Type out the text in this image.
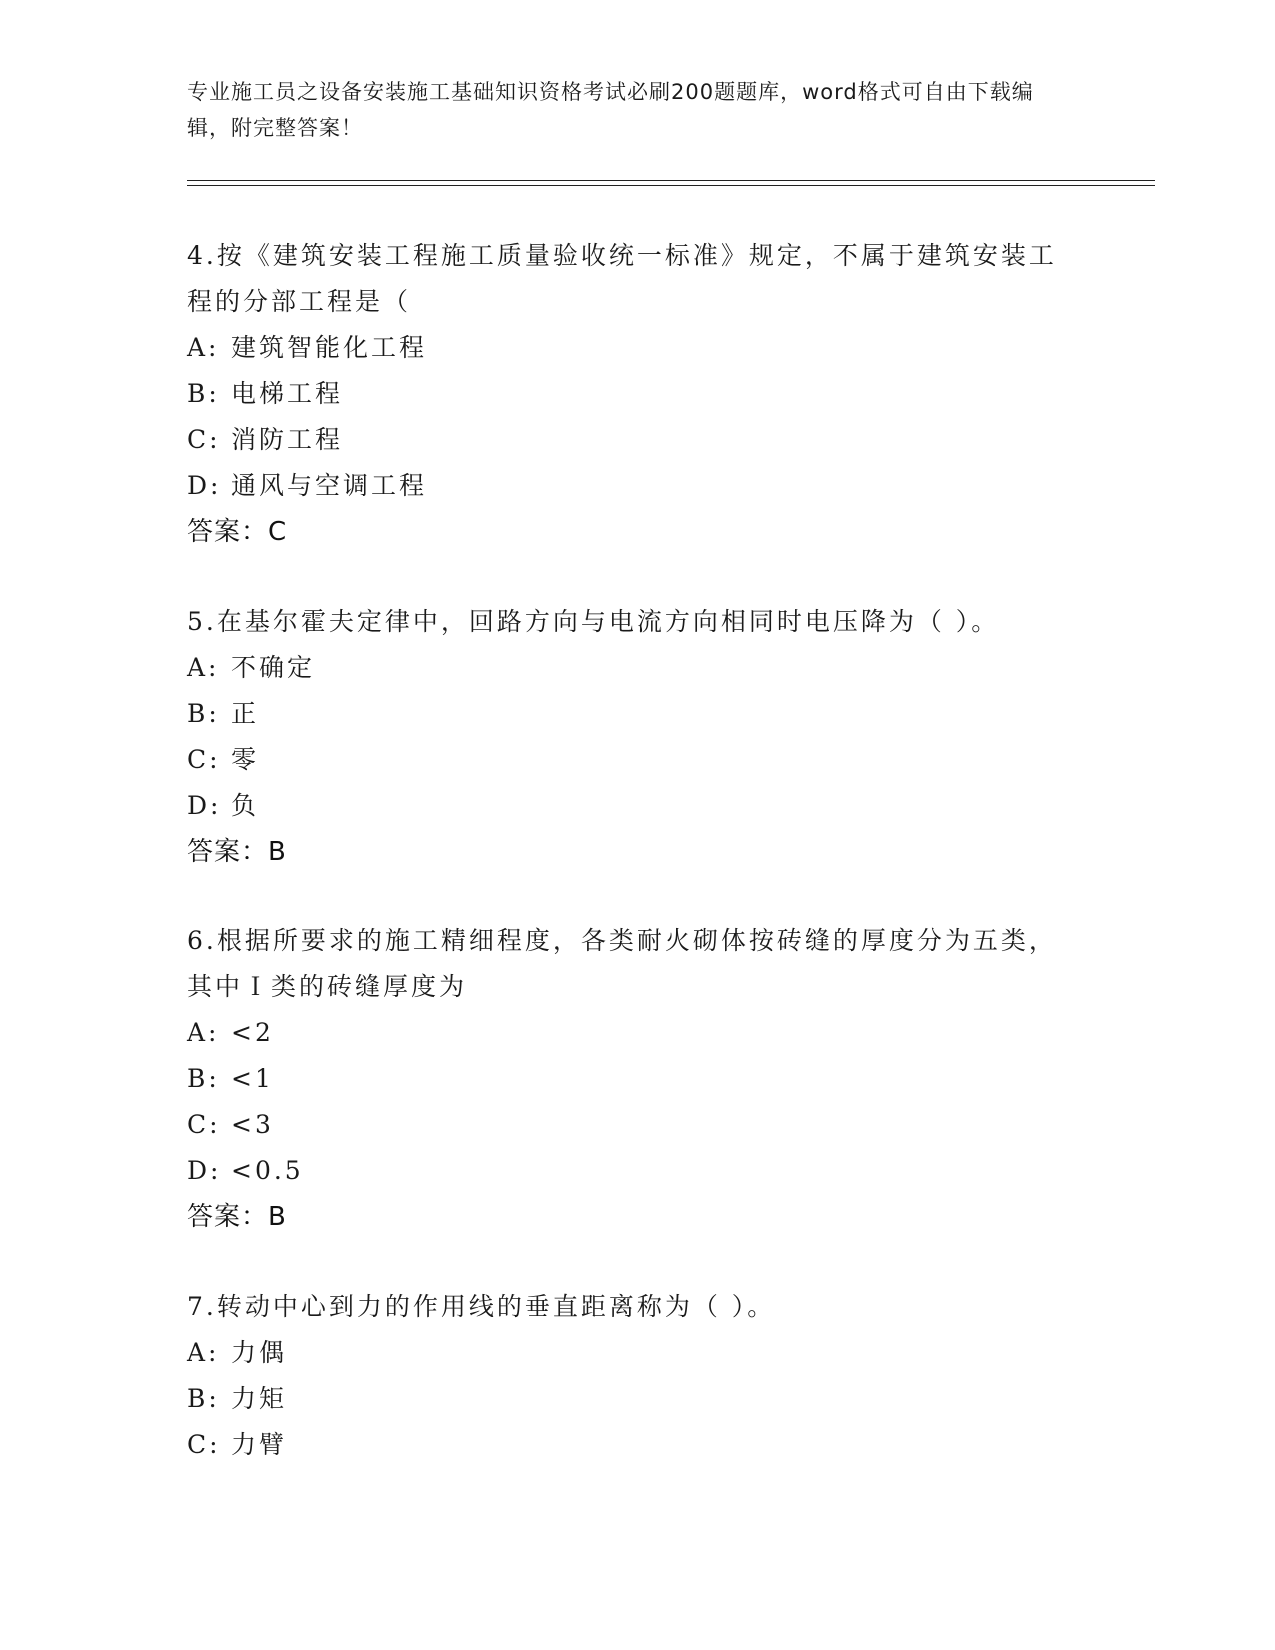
专业施工员之设备安装施工基础知识资格考试必刷200题题库，word格式可自由下载编辑，附完整答案！

4.按《建筑安装工程施工质量验收统一标准》规定，不属于建筑安装工程的分部工程是（

A: 建筑智能化工程
B: 电梯工程
C: 消防工程
D: 通风与空调工程
答案：C

5.在基尔霍夫定律中，回路方向与电流方向相同时电压降为（ ）。

A: 不确定
B: 正
C: 零
D: 负
答案：B

6.根据所要求的施工精细程度，各类耐火砌体按砖缝的厚度分为五类，其中Ｉ类的砖缝厚度为

A: <2
B: <1
C: <3
D: <0.5
答案：B

7.转动中心到力的作用线的垂直距离称为（ ）。

A: 力偶
B: 力矩
C: 力臂
